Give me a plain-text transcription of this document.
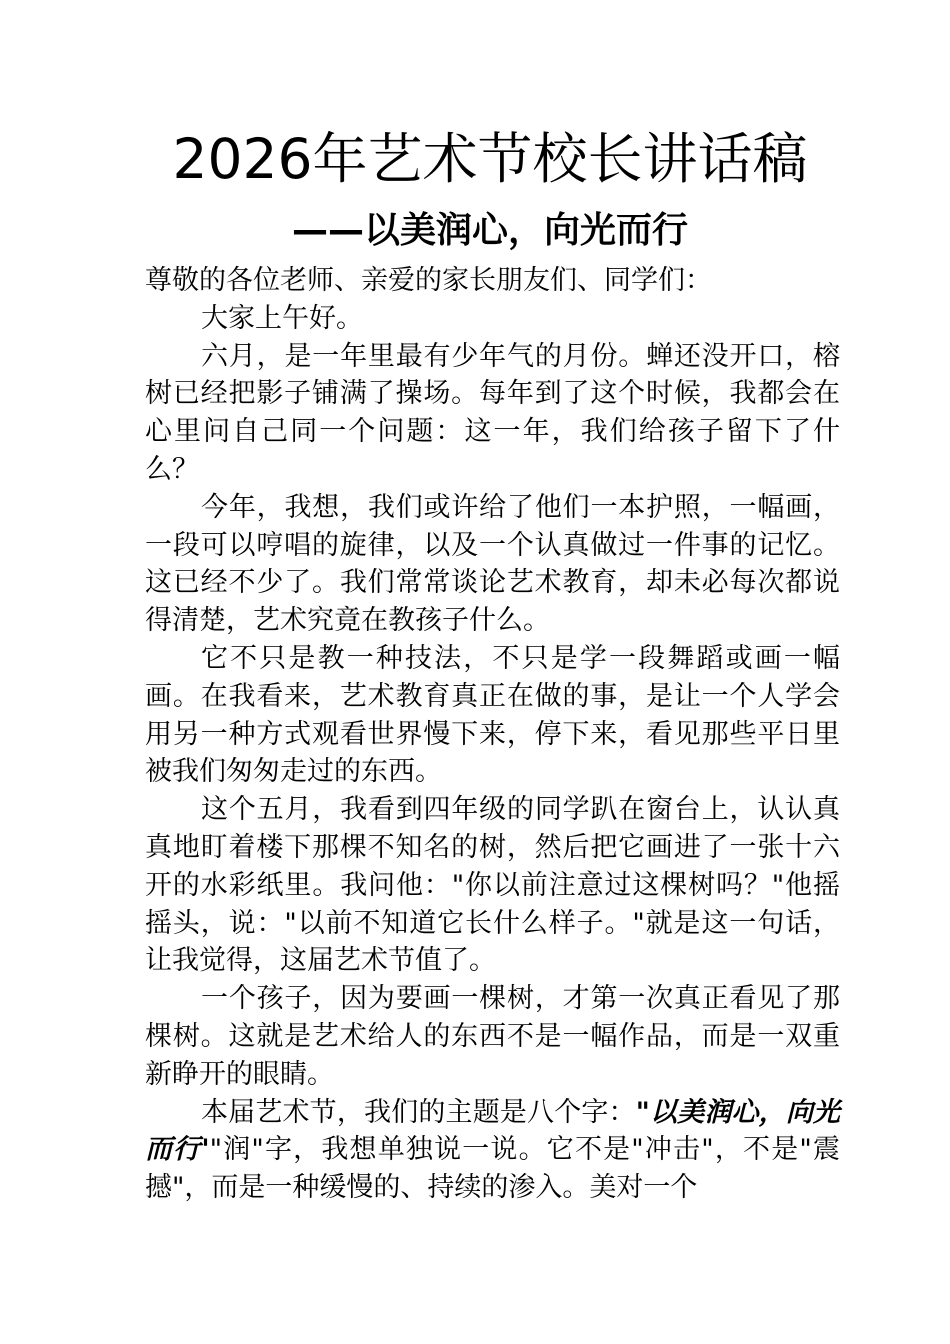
2026年艺术节校长讲话稿
——以美润心，向光而行

尊敬的各位老师、亲爱的家长朋友们、同学们：

大家上午好。

六月，是一年里最有少年气的月份。蝉还没开口，榕树已经把影子铺满了操场。每年到了这个时候，我都会在心里问自己同一个问题：这一年，我们给孩子留下了什么？

今年，我想，我们或许给了他们一本护照，一幅画，一段可以哼唱的旋律，以及一个认真做过一件事的记忆。这已经不少了。我们常常谈论艺术教育，却未必每次都说得清楚，艺术究竟在教孩子什么。

它不只是教一种技法，不只是学一段舞蹈或画一幅画。在我看来，艺术教育真正在做的事，是让一个人学会用另一种方式观看世界慢下来，停下来，看见那些平日里被我们匆匆走过的东西。

这个五月，我看到四年级的同学趴在窗台上，认认真真地盯着楼下那棵不知名的树，然后把它画进了一张十六开的水彩纸里。我问他："你以前注意过这棵树吗？"他摇摇头，说："以前不知道它长什么样子。"就是这一句话，让我觉得，这届艺术节值了。

一个孩子，因为要画一棵树，才第一次真正看见了那棵树。这就是艺术给人的东西不是一幅作品，而是一双重新睁开的眼睛。

本届艺术节，我们的主题是八个字："以美润心，向光而行'"润"字，我想单独说一说。它不是"冲击"，不是"震撼"，而是一种缓慢的、持续的渗入。美对一个
